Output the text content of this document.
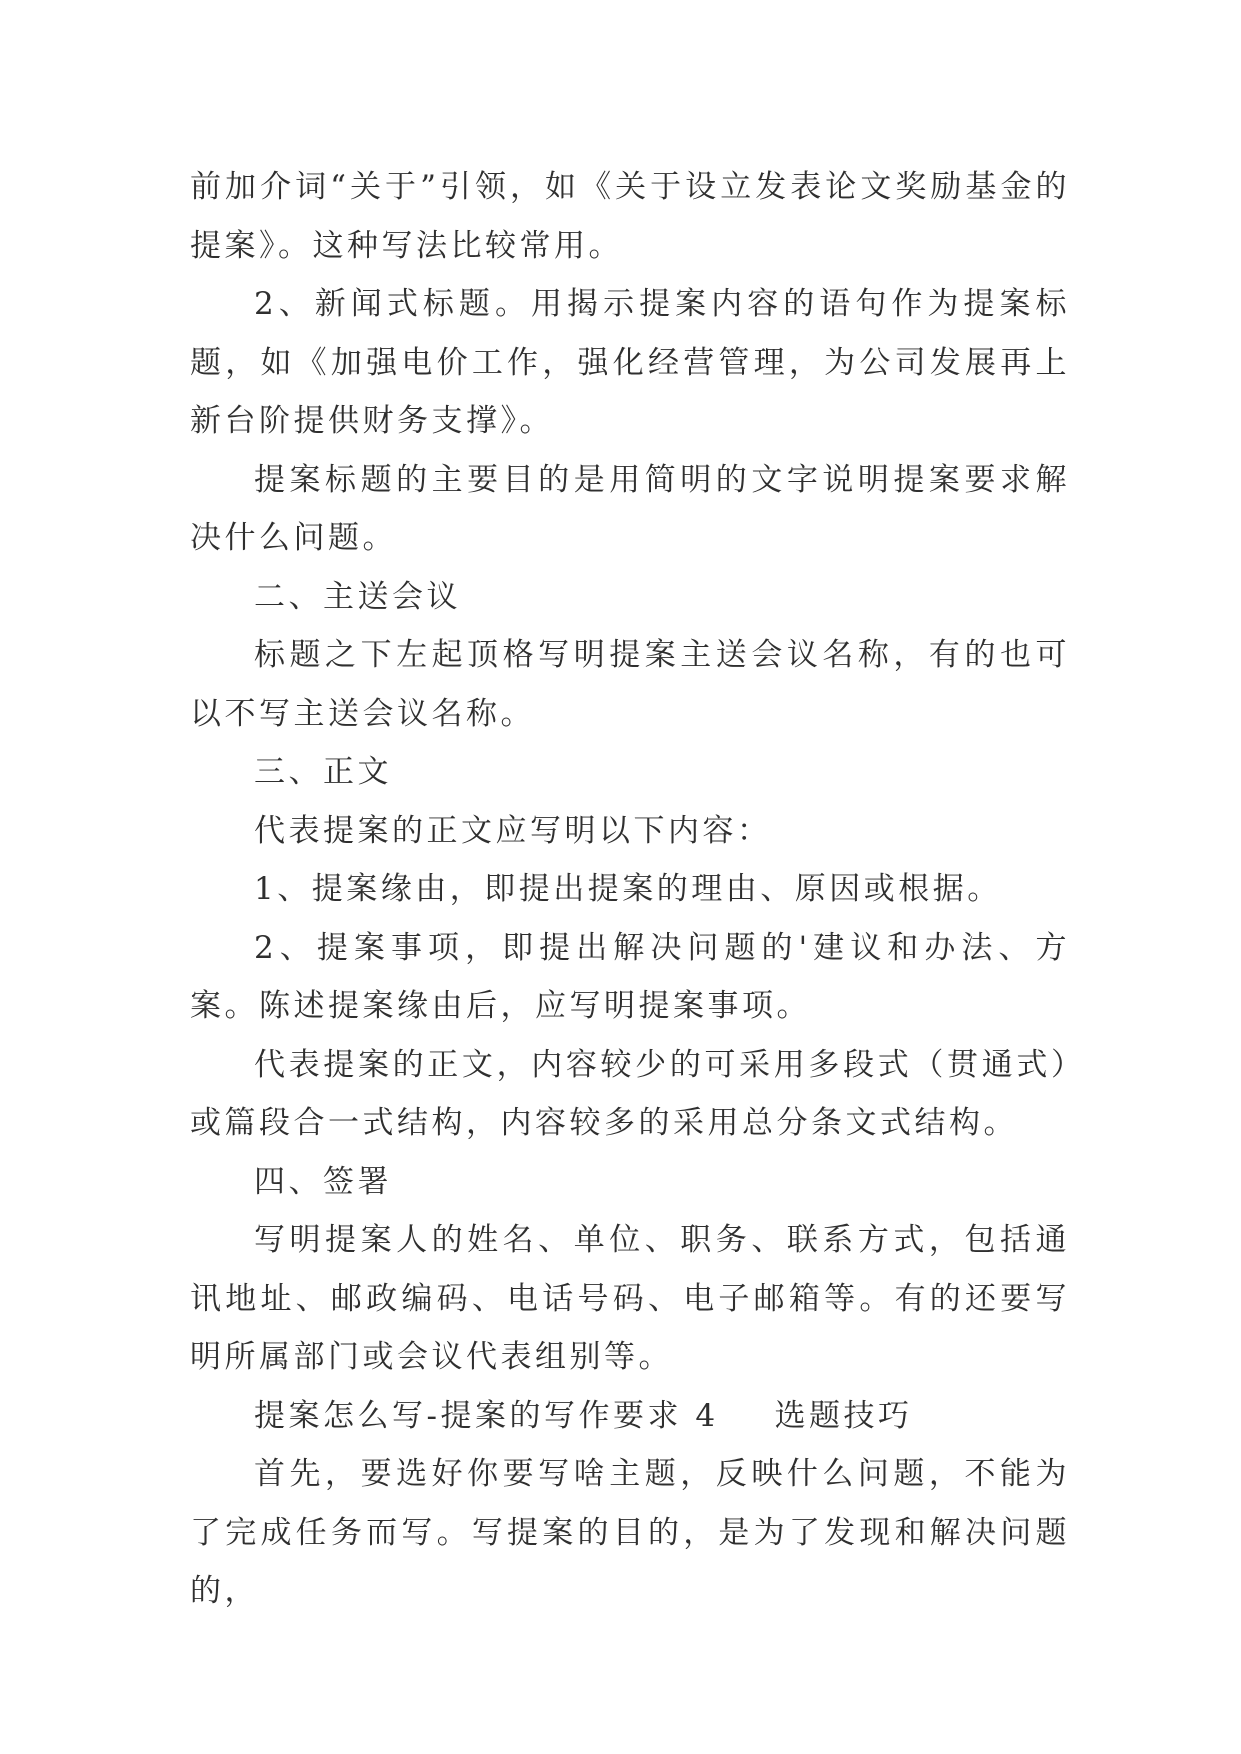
前加介词“关于”引领，如《关于设立发表论文奖励基金的提案》。这种写法比较常用。

2、新闻式标题。用揭示提案内容的语句作为提案标题，如《加强电价工作，强化经营管理，为公司发展再上新台阶提供财务支撑》。

提案标题的主要目的是用简明的文字说明提案要求解决什么问题。

二、主送会议

标题之下左起顶格写明提案主送会议名称，有的也可以不写主送会议名称。

三、正文

代表提案的正文应写明以下内容：

1、提案缘由，即提出提案的理由、原因或根据。

2、提案事项，即提出解决问题的'建议和办法、方案。陈述提案缘由后，应写明提案事项。

代表提案的正文，内容较少的可采用多段式（贯通式）或篇段合一式结构，内容较多的采用总分条文式结构。

四、签署

写明提案人的姓名、单位、职务、联系方式，包括通讯地址、邮政编码、电话号码、电子邮箱等。有的还要写明所属部门或会议代表组别等。

提案怎么写-提案的写作要求 4 选题技巧

首先，要选好你要写啥主题，反映什么问题，不能为了完成任务而写。写提案的目的，是为了发现和解决问题的，
